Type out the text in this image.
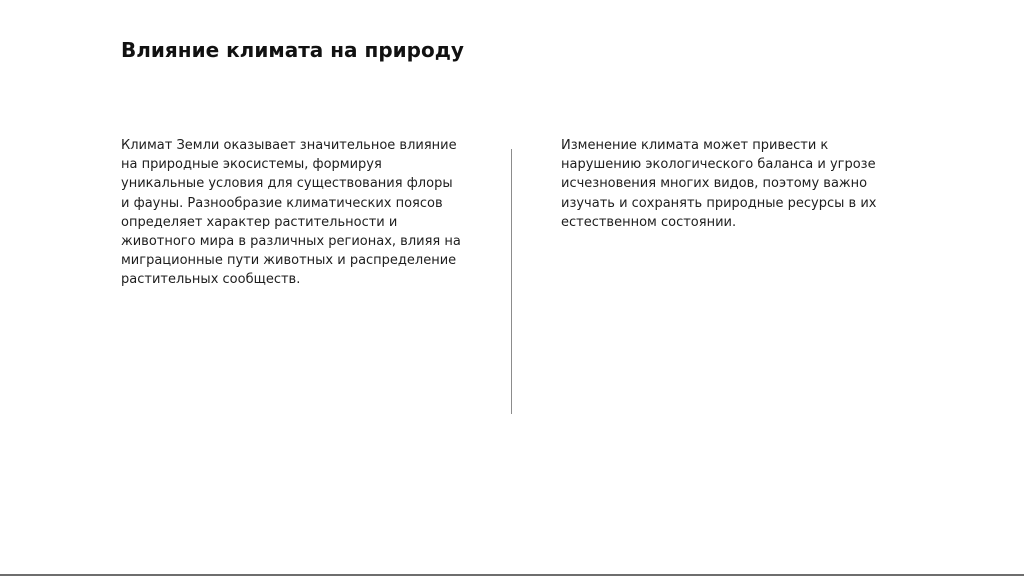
Влияние климата на природу

Климат Земли оказывает значительное влияние на природные экосистемы, формируя уникальные условия для существования флоры и фауны. Разнообразие климатических поясов определяет характер растительности и животного мира в различных регионах, влияя на миграционные пути животных и распределение растительных сообществ.

Изменение климата может привести к нарушению экологического баланса и угрозе исчезновения многих видов, поэтому важно изучать и сохранять природные ресурсы в их естественном состоянии.
